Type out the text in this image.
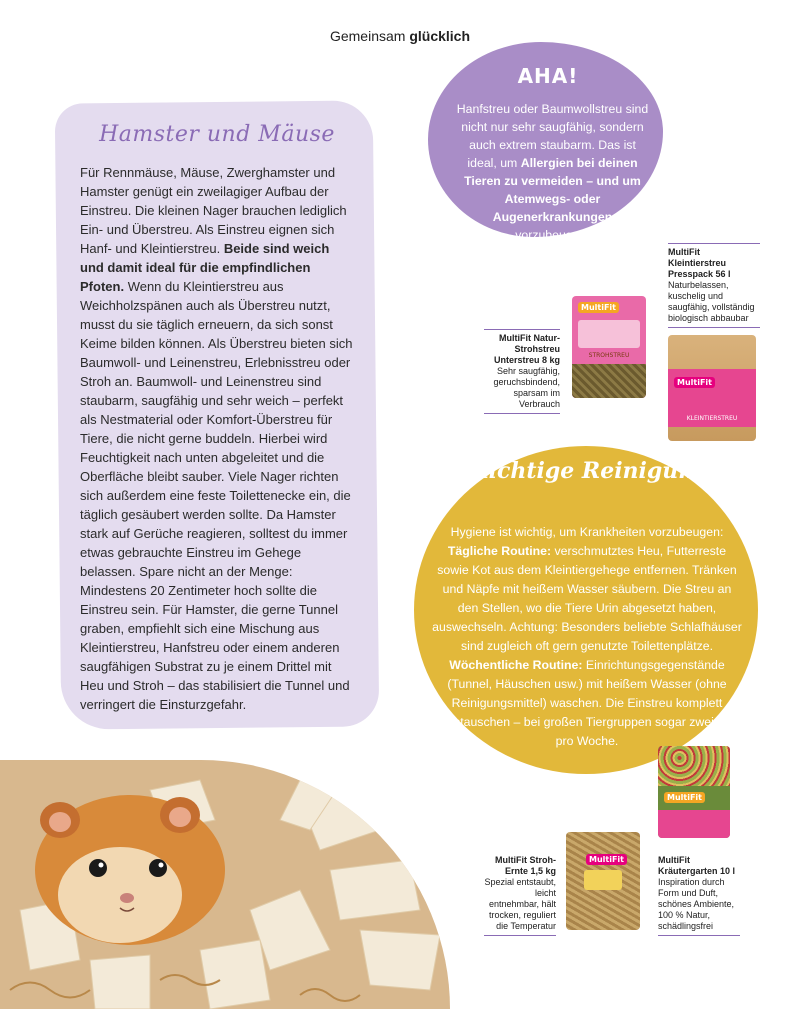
Gemeinsam glücklich
Hamster und Mäuse
Für Rennmäuse, Mäuse, Zwerghamster und Hamster genügt ein zweilagiger Aufbau der Einstreu. Die kleinen Nager brauchen lediglich Ein- und Überstreu. Als Einstreu eignen sich Hanf- und Kleintierstreu. Beide sind weich und damit ideal für die empfindlichen Pfoten. Wenn du Kleintierstreu aus Weichholzspänen auch als Überstreu nutzt, musst du sie täglich erneuern, da sich sonst Keime bilden können. Als Überstreu bieten sich Baumwoll- und Leinenstreu, Erlebnisstreu oder Stroh an. Baumwoll- und Leinenstreu sind staubarm, saugfähig und sehr weich – perfekt als Nestmaterial oder Komfort-Überstreu für Tiere, die nicht gerne buddeln. Hierbei wird Feuchtigkeit nach unten abgeleitet und die Oberfläche bleibt sauber. Viele Nager richten sich außerdem eine feste Toilettenecke ein, die täglich gesäubert werden sollte. Da Hamster stark auf Gerüche reagieren, solltest du immer etwas gebrauchte Einstreu im Gehege belassen. Spare nicht an der Menge: Mindestens 20 Zentimeter hoch sollte die Einstreu sein. Für Hamster, die gerne Tunnel graben, empfiehlt sich eine Mischung aus Kleintierstreu, Hanfstreu oder einem anderen saugfähigen Substrat zu je einem Drittel mit Heu und Stroh – das stabilisiert die Tunnel und verringert die Einsturzgefahr.
AHA!
Hanfstreu oder Baumwollstreu sind nicht nur sehr saugfähig, sondern auch extrem staubarm. Das ist ideal, um Allergien bei deinen Tieren zu vermeiden – und um Atemwegs- oder Augenerkrankungen vorzubeugen.
MultiFit Kleintierstreu Presspack 56 l
Naturbelassen, kuschelig und saugfähig, vollständig biologisch abbaubar
MultiFit
KLEINTIERSTREU
MultiFit Natur-Strohstreu Unterstreu 8 kg
Sehr saugfähig, geruchsbindend, sparsam im Verbrauch
MultiFit
STROHSTREU
Richtige Reinigung
Hygiene ist wichtig, um Krankheiten vorzubeugen:
Tägliche Routine: verschmutztes Heu, Futterreste sowie Kot aus dem Kleintiergehege entfernen. Tränken und Näpfe mit heißem Wasser säubern. Die Streu an den Stellen, wo die Tiere Urin abgesetzt haben, auswechseln. Achtung: Besonders beliebte Schlafhäuser sind zugleich oft gern genutzte Toilettenplätze.
Wöchentliche Routine: Einrichtungsgegenstände (Tunnel, Häuschen usw.) mit heißem Wasser (ohne Reinigungsmittel) waschen. Die Einstreu komplett austauschen – bei großen Tiergruppen sogar zweimal pro Woche.
MultiFit
MultiFit Kräutergarten 10 l
Inspiration durch Form und Duft, schönes Ambiente, 100 % Natur, schädlingsfrei
MultiFit Stroh-Ernte 1,5 kg
Spezial entstaubt, leicht entnehmbar, hält trocken, reguliert die Temperatur
MultiFit
